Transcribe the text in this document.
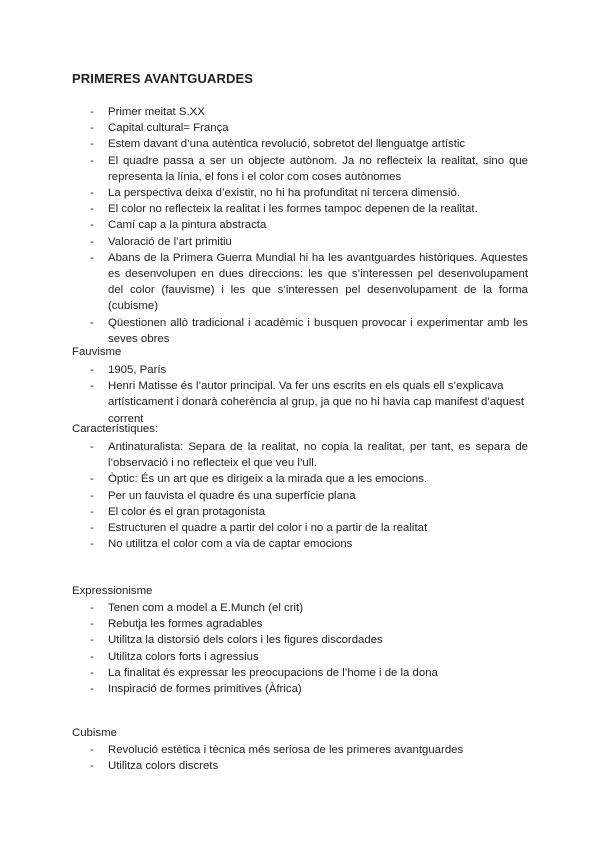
PRIMERES AVANTGUARDES
- Primer meitat S.XX
- Capital cultural= França
- Estem davant d’una autèntica revolució, sobretot del llenguatge artístic
- El quadre passa a ser un objecte autònom. Ja no reflecteix la realitat, sino que representa la línia, el fons i el color com coses autònomes
- La perspectiva deixa d’existir, no hi ha profunditat ni tercera dimensió.
- El color no reflecteix la realitat i les formes tampoc depenen de la realitat.
- Camí cap a la pintura abstracta
- Valoració de l’art primitiu
- Abans de la Primera Guerra Mundial hi ha les avantguardes històriques. Aquestes es desenvolupen en dues direccions: les que s’interessen pel desenvolupament del color (fauvisme) i les que s’interessen pel desenvolupament de la forma (cubisme)
- Qüestionen allò tradicional i acadèmic i busquen provocar i experimentar amb les seves obres
Fauvisme
- 1905, París
- Henri Matisse és l’autor principal. Va fer uns escrits en els quals ell s’explicava artísticament i donarà coherència al grup, ja que no hi havia cap manifest d’aquest corrent
Característiques:
- Antinaturalista: Separa de la realitat, no copia la realitat, per tant, es separa de l’observació i no reflecteix el que veu l’ull.
- Òptic: És un art que es dirigeix a la mirada que a les emocions.
- Per un fauvista el quadre és una superfície plana
- El color és el gran protagonista
- Estructuren el quadre a partir del color i no a partir de la realitat
- No utilitza el color com a via de captar emocions
Expressionisme
- Tenen com a model a E.Munch (el crit)
- Rebutja les formes agradables
- Utilitza la distorsió dels colors i les figures discordades
- Utilitza colors forts i agressius
- La finalitat és expressar les preocupacions de l’home i de la dona
- Inspiració de formes primitives (Àfrica)
Cubisme
- Revolució estètica i tècnica més seriosa de les primeres avantguardes
- Utilitza colors discrets
